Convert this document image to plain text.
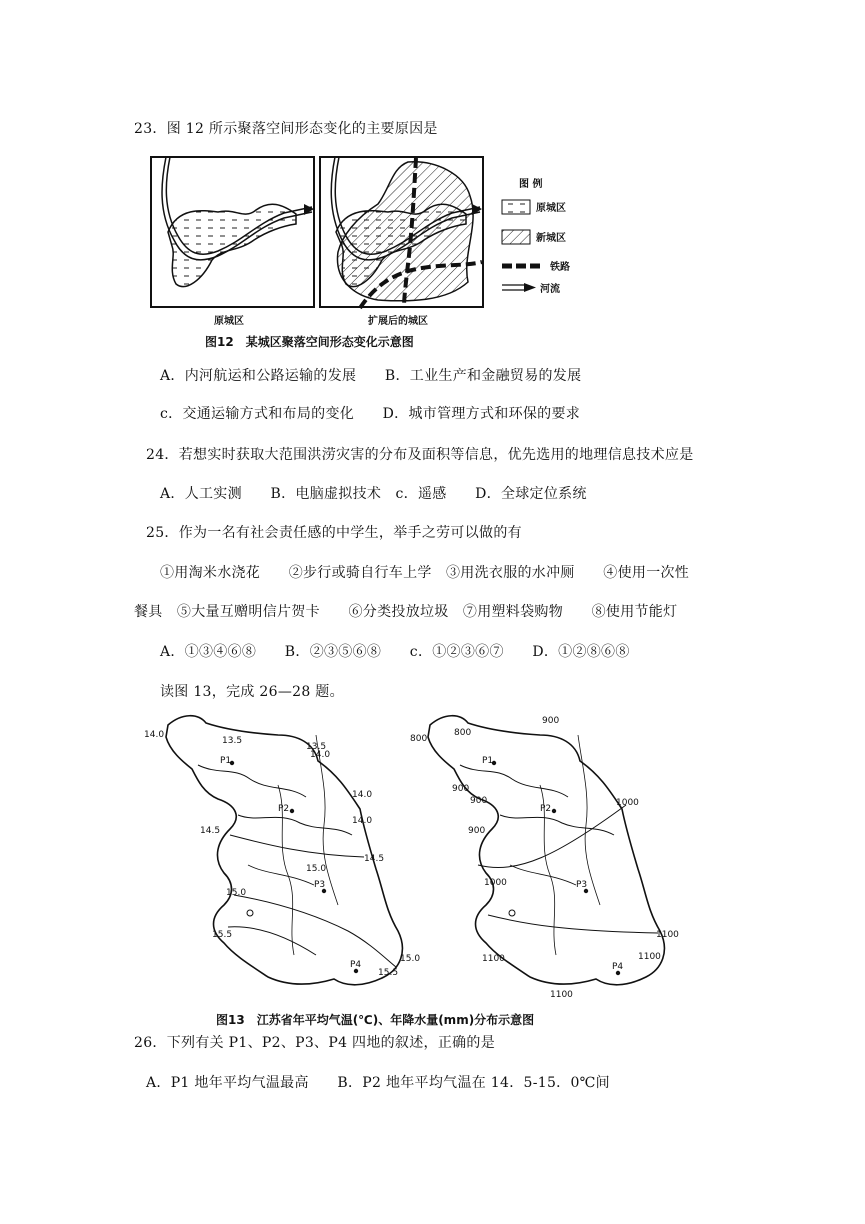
23．图 12 所示聚落空间形态变化的主要原因是
图 例
原城区
新城区
铁路
河流
原城区	扩展后的城区
图12　某城区聚落空间形态变化示意图
A．内河航运和公路运输的发展　　B．工业生产和金融贸易的发展
c．交通运输方式和布局的变化　　D．城市管理方式和环保的要求
24．若想实时获取大范围洪涝灾害的分布及面积等信息，优先选用的地理信息技术应是
A．人工实测　　B．电脑虚拟技术　c．遥感　　D．全球定位系统
25．作为一名有社会责任感的中学生，举手之劳可以做的有
①用淘米水浇花　　②步行或骑自行车上学　③用洗衣服的水冲厕　　④使用一次性
餐具　⑤大量互赠明信片贺卡　　⑥分类投放垃圾　⑦用塑料袋购物　　⑧使用节能灯
A．①③④⑥⑧　　B．②③⑤⑥⑧　　c．①②③⑥⑦　　D．①②⑧⑥⑧
读图 13，完成 26—28 题。
P1
P2
P3
P4
14.0
13.5
13.5
14.0
14.0
14.0
14.5
14.5
15.0
15.0
15.5
15.0
15.5
P1
P2
P3
P4
800
800
900
900
900
900
1000
1000
1100
1100	1100
1100
图13　江苏省年平均气温(℃)、年降水量(mm)分布示意图
26．下列有关 P1、P2、P3、P4 四地的叙述，正确的是
A．P1 地年平均气温最高　　B．P2 地年平均气温在 14．5-15．0℃间
